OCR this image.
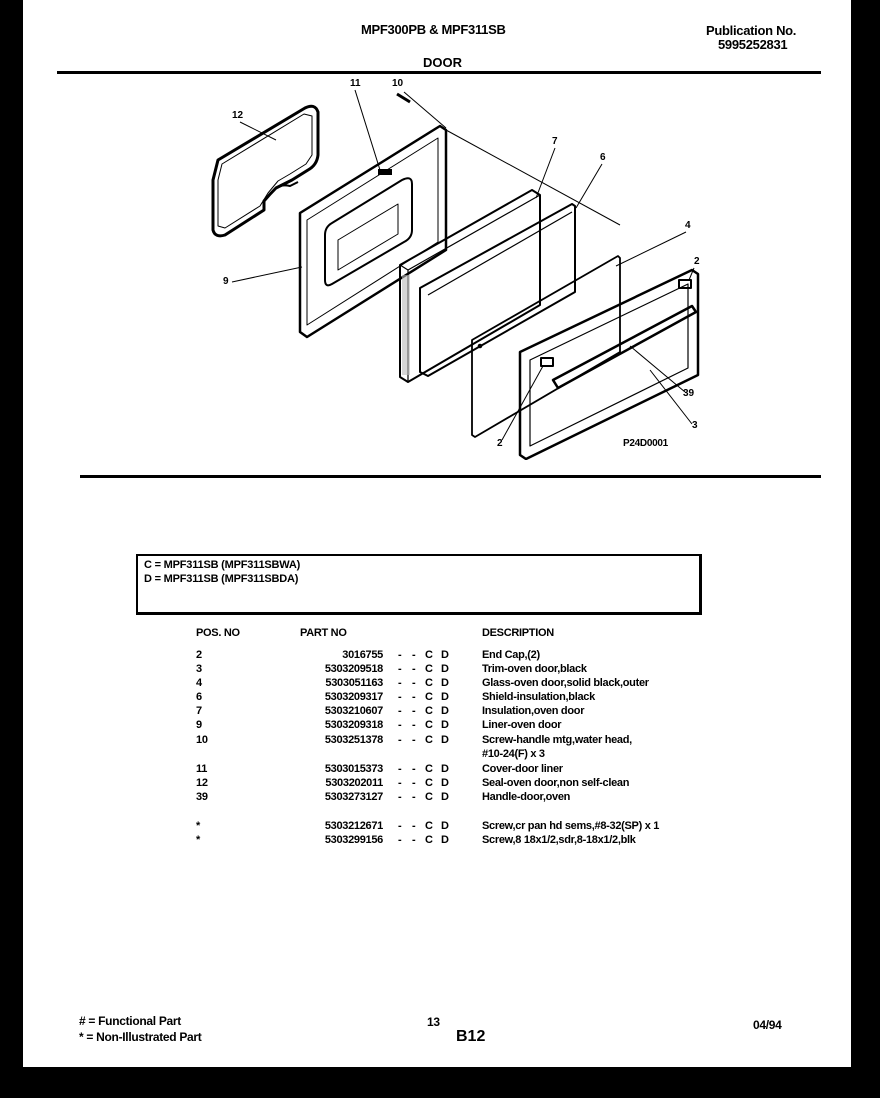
MPF300PB & MPF311SB	Publication No.
5995252831
DOOR
12
11	10
7
6
4
2
9
39
3
2	P24D0001
C = MPF311SB (MPF311SBWA)
D = MPF311SB (MPF311SBDA)
POS. NO	PART NO	DESCRIPTION
2	3016755 - - C D	End Cap,(2)
3	5303209518 - - C D	Trim-oven door,black
4	5303051163 - - C D	Glass-oven door,solid black,outer
6	5303209317 - - C D	Shield-insulation,black
7	5303210607 - - C D	Insulation,oven door
9	5303209318 - - C D	Liner-oven door
10	5303251378 - - C D	Screw-handle mtg,water head,
#10-24(F) x 3
11	5303015373 - - C D	Cover-door liner
12	5303202011 - - C D	Seal-oven door,non self-clean
39	5303273127 - - C D	Handle-door,oven
*	5303212671 - - C D	Screw,cr pan hd sems,#8-32(SP) x 1
*	5303299156 - - C D	Screw,8 18x1/2,sdr,8-18x1/2,blk
# = Functional Part
* = Non-Illustrated Part
13
B12
04/94
